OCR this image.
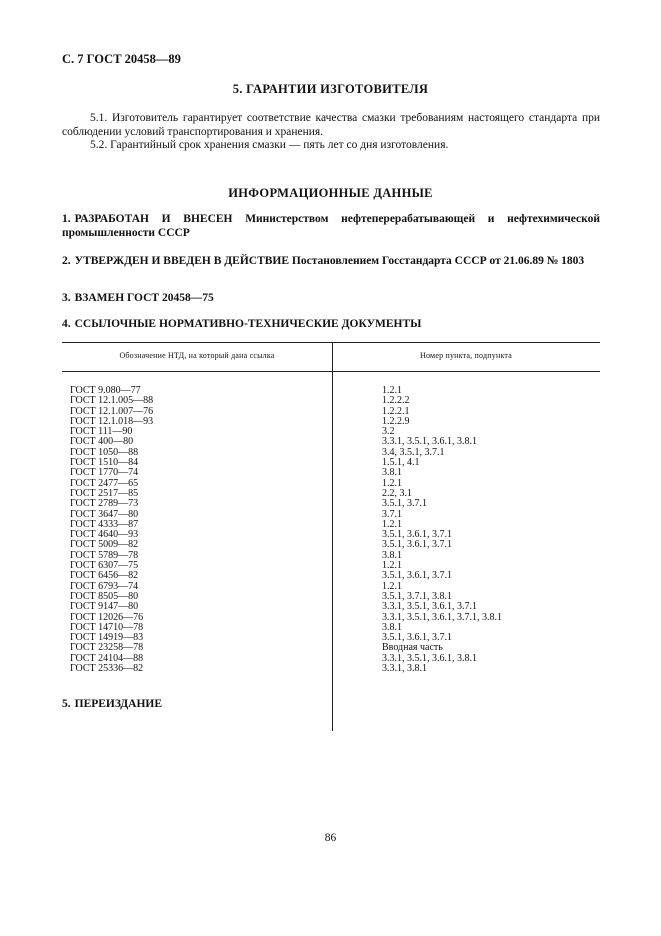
С. 7 ГОСТ 20458—89
5. ГАРАНТИИ ИЗГОТОВИТЕЛЯ
5.1. Изготовитель гарантирует соответствие качества смазки требованиям настоящего стандарта при соблюдении условий транспортирования и хранения.
5.2. Гарантийный срок хранения смазки — пять лет со дня изготовления.
ИНФОРМАЦИОННЫЕ ДАННЫЕ
1. РАЗРАБОТАН И ВНЕСЕН Министерством нефтеперерабатывающей и нефтехимической промышленности СССР
2. УТВЕРЖДЕН И ВВЕДЕН В ДЕЙСТВИЕ Постановлением Госстандарта СССР от 21.06.89 № 1803
3. ВЗАМЕН ГОСТ 20458—75
4. ССЫЛОЧНЫЕ НОРМАТИВНО-ТЕХНИЧЕСКИЕ ДОКУМЕНТЫ
Обозначение НТД, на который дана ссылка	Номер пункта, подпункта
ГОСТ 9.080—77	1.2.1
ГОСТ 12.1.005—88	1.2.2.2
ГОСТ 12.1.007—76	1.2.2.1
ГОСТ 12.1.018—93	1.2.2.9
ГОСТ 111—90	3.2
ГОСТ 400—80	3.3.1, 3.5.1, 3.6.1, 3.8.1
ГОСТ 1050—88	3.4, 3.5.1, 3.7.1
ГОСТ 1510—84	1.5.1, 4.1
ГОСТ 1770—74	3.8.1
ГОСТ 2477—65	1.2.1
ГОСТ 2517—85	2.2, 3.1
ГОСТ 2789—73	3.5.1, 3.7.1
ГОСТ 3647—80	3.7.1
ГОСТ 4333—87	1.2.1
ГОСТ 4640—93	3.5.1, 3.6.1, 3.7.1
ГОСТ 5009—82	3.5.1, 3.6.1, 3.7.1
ГОСТ 5789—78	3.8.1
ГОСТ 6307—75	1.2.1
ГОСТ 6456—82	3.5.1, 3.6.1, 3.7.1
ГОСТ 6793—74	1.2.1
ГОСТ 8505—80	3.5.1, 3.7.1, 3.8.1
ГОСТ 9147—80	3.3.1, 3.5.1, 3.6.1, 3.7.1
ГОСТ 12026—76	3.3.1, 3.5.1, 3.6.1, 3.7.1, 3.8.1
ГОСТ 14710—78	3.8.1
ГОСТ 14919—83	3.5.1, 3.6.1, 3.7.1
ГОСТ 23258—78	Вводная часть
ГОСТ 24104—88	3.3.1, 3.5.1, 3.6.1, 3.8.1
ГОСТ 25336—82	3.3.1, 3.8.1
5. ПЕРЕИЗДАНИЕ
86
